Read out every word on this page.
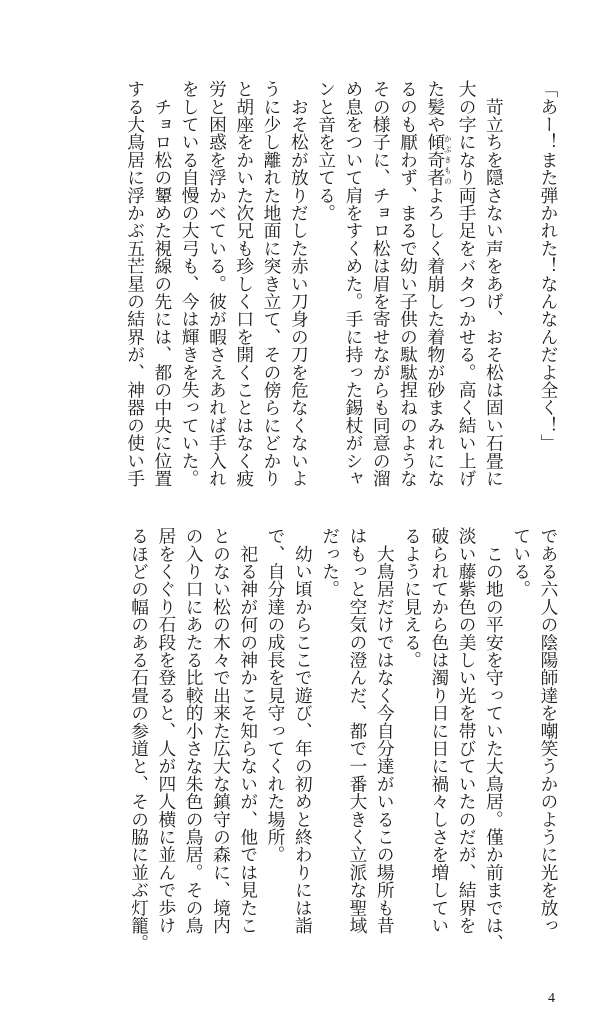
「あー！また弾かれた！なんなんだよ全く！」

　苛立ちを隠さない声をあげ、おそ松は固い石畳に
大の字になり両手足をバタつかせる。高く結い上げ
た髪や傾奇者かぶきものよろしく着崩した着物が砂まみれにな
るのも厭わず、まるで幼い子供の駄駄捏ねのような
その様子に、チョロ松は眉を寄せながらも同意の溜
め息をついて肩をすくめた。手に持った錫杖がシャ
ンと音を立てる。
　おそ松が放りだした赤い刀身の刀を危なくないよ
うに少し離れた地面に突き立て、その傍らにどかり
と胡座をかいた次兄も珍しく口を開くことはなく疲
労と困惑を浮かべている。彼が暇さえあれば手入れ
をしている自慢の大弓も、今は輝きを失っていた。
　チョロ松の顰めた視線の先には、都の中央に位置
する大鳥居に浮かぶ五芒星の結界が、神器の使い手
である六人の陰陽師達を嘲笑うかのように光を放っ
ている。
　この地の平安を守っていた大鳥居。僅か前までは、
淡い藤紫色の美しい光を帯びていたのだが、結界を
破られてから色は濁り日に日に禍々しさを増してい
るように見える。
　大鳥居だけではなく今自分達がいるこの場所も昔
はもっと空気の澄んだ、都で一番大きく立派な聖域
だった。
　幼い頃からここで遊び、年の初めと終わりには詣
で、自分達の成長を見守ってくれた場所。
　祀る神が何の神かこそ知らないが、他では見たこ
とのない松の木々で出来た広大な鎮守の森に、境内
の入り口にあたる比較的小さな朱色の鳥居。その鳥
居をくぐり石段を登ると、人が四人横に並んで歩け
るほどの幅のある石畳の参道と、その脇に並ぶ灯籠。
4
